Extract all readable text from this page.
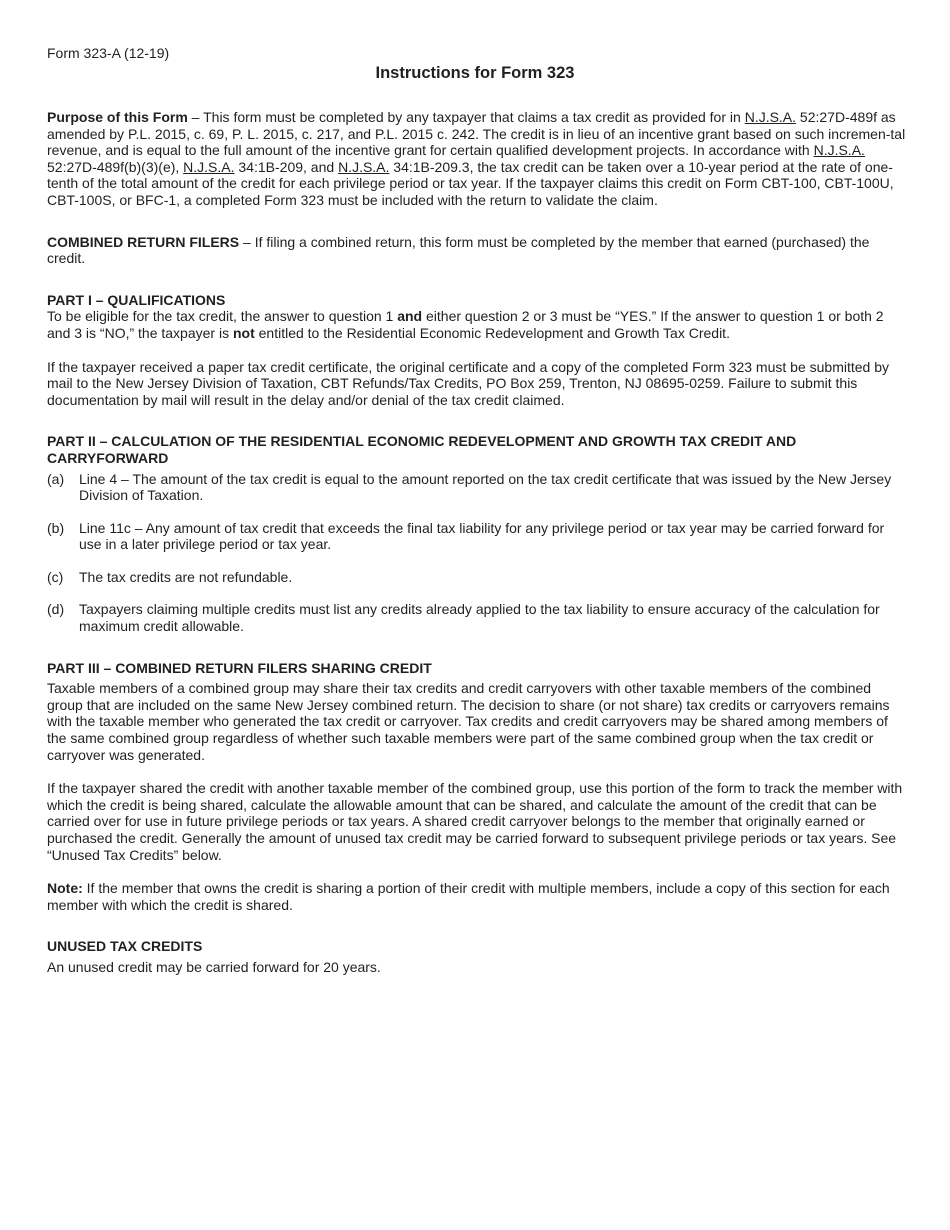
Form 323-A (12-19)
Instructions for Form 323

Purpose of this Form – This form must be completed by any taxpayer that claims a tax credit as provided for in N.J.S.A. 52:27D-489f as amended by P.L. 2015, c. 69, P. L. 2015, c. 217, and P.L. 2015 c. 242. The credit is in lieu of an incentive grant based on such incremen-tal revenue, and is equal to the full amount of the incentive grant for certain qualified development projects. In accordance with N.J.S.A. 52:27D-489f(b)(3)(e), N.J.S.A. 34:1B-209, and N.J.S.A. 34:1B-209.3, the tax credit can be taken over a 10-year period at the rate of one-tenth of the total amount of the credit for each privilege period or tax year. If the taxpayer claims this credit on Form CBT-100, CBT-100U, CBT-100S, or BFC-1, a completed Form 323 must be included with the return to validate the claim.

COMBINED RETURN FILERS – If filing a combined return, this form must be completed by the member that earned (purchased) the credit.

PART I – QUALIFICATIONS

To be eligible for the tax credit, the answer to question 1 and either question 2 or 3 must be “YES.” If the answer to question 1 or both 2 and 3 is “NO,” the taxpayer is not entitled to the Residential Economic Redevelopment and Growth Tax Credit.

If the taxpayer received a paper tax credit certificate, the original certificate and a copy of the completed Form 323 must be submitted by mail to the New Jersey Division of Taxation, CBT Refunds/Tax Credits, PO Box 259, Trenton, NJ 08695-0259. Failure to submit this documentation by mail will result in the delay and/or denial of the tax credit claimed.

PART II – CALCULATION OF THE RESIDENTIAL ECONOMIC REDEVELOPMENT AND GROWTH TAX CREDIT AND CARRYFORWARD

(a)	Line 4 – The amount of the tax credit is equal to the amount reported on the tax credit certificate that was issued by the New Jersey Division of Taxation.
(b)	Line 11c – Any amount of tax credit that exceeds the final tax liability for any privilege period or tax year may be carried forward for use in a later privilege period or tax year.
(c)	The tax credits are not refundable.
(d)	Taxpayers claiming multiple credits must list any credits already applied to the tax liability to ensure accuracy of the calculation for maximum credit allowable.

PART III – COMBINED RETURN FILERS SHARING CREDIT

Taxable members of a combined group may share their tax credits and credit carryovers with other taxable members of the combined group that are included on the same New Jersey combined return. The decision to share (or not share) tax credits or carryovers remains with the taxable member who generated the tax credit or carryover. Tax credits and credit carryovers may be shared among members of the same combined group regardless of whether such taxable members were part of the same combined group when the tax credit or carryover was generated.

If the taxpayer shared the credit with another taxable member of the combined group, use this portion of the form to track the member with which the credit is being shared, calculate the allowable amount that can be shared, and calculate the amount of the credit that can be carried over for use in future privilege periods or tax years. A shared credit carryover belongs to the member that originally earned or purchased the credit. Generally the amount of unused tax credit may be carried forward to subsequent privilege periods or tax years. See “Unused Tax Credits” below.

Note: If the member that owns the credit is sharing a portion of their credit with multiple members, include a copy of this section for each member with which the credit is shared.

UNUSED TAX CREDITS

An unused credit may be carried forward for 20 years.
